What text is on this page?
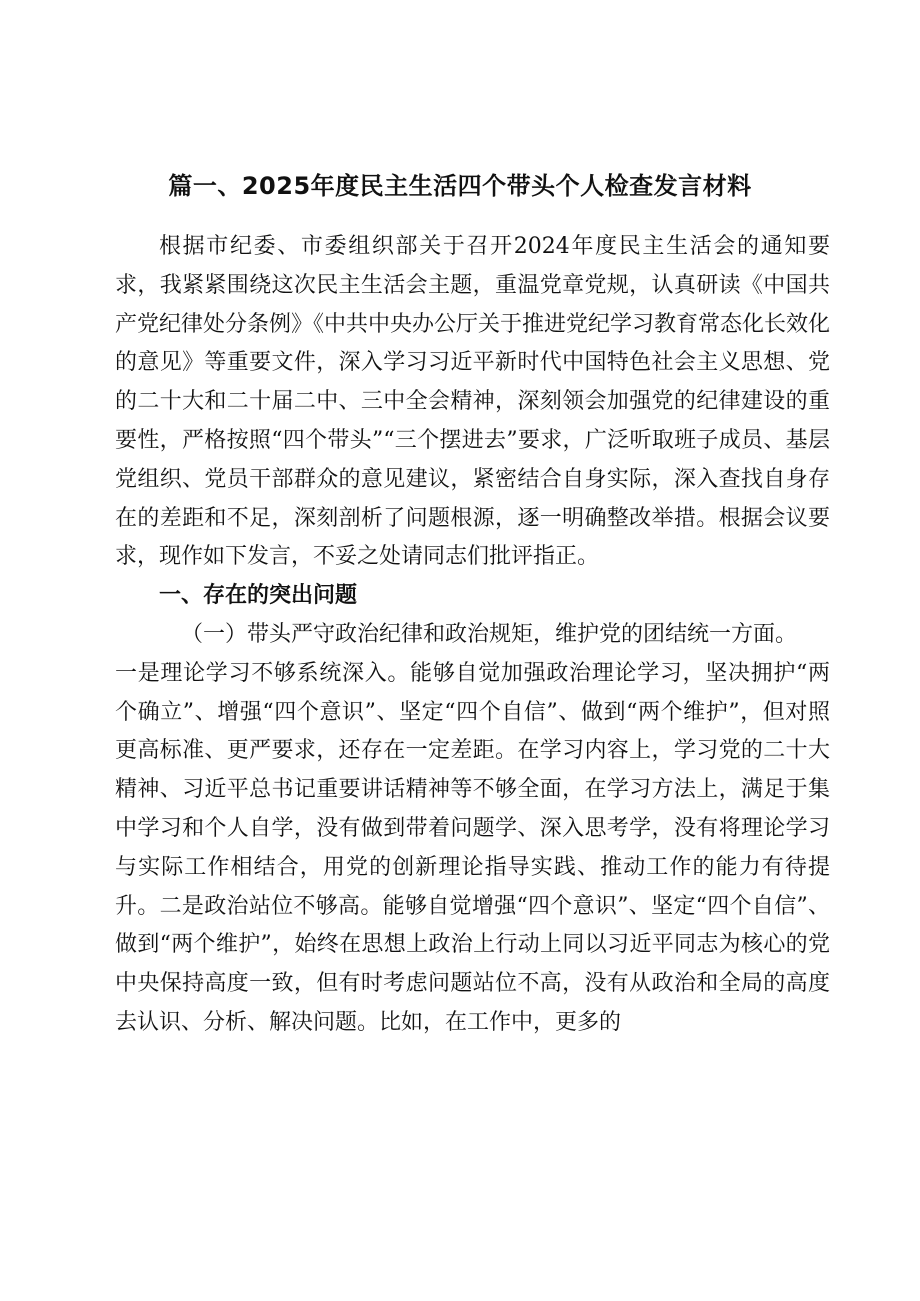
篇一、2025年度民主生活四个带头个人检查发言材料

根据市纪委、市委组织部关于召开2024年度民主生活会的通知要求，我紧紧围绕这次民主生活会主题，重温党章党规，认真研读《中国共产党纪律处分条例》《中共中央办公厅关于推进党纪学习教育常态化长效化的意见》等重要文件，深入学习习近平新时代中国特色社会主义思想、党的二十大和二十届二中、三中全会精神，深刻领会加强党的纪律建设的重要性，严格按照“四个带头”“三个摆进去”要求，广泛听取班子成员、基层党组织、党员干部群众的意见建议，紧密结合自身实际，深入查找自身存在的差距和不足，深刻剖析了问题根源，逐一明确整改举措。根据会议要求，现作如下发言，不妥之处请同志们批评指正。

一、存在的突出问题

（一）带头严守政治纪律和政治规矩，维护党的团结统一方面。

一是理论学习不够系统深入。能够自觉加强政治理论学习，坚决拥护“两个确立”、增强“四个意识”、坚定“四个自信”、做到“两个维护”，但对照更高标准、更严要求，还存在一定差距。在学习内容上，学习党的二十大精神、习近平总书记重要讲话精神等不够全面，在学习方法上，满足于集中学习和个人自学，没有做到带着问题学、深入思考学，没有将理论学习与实际工作相结合，用党的创新理论指导实践、推动工作的能力有待提升。二是政治站位不够高。能够自觉增强“四个意识”、坚定“四个自信”、做到“两个维护”，始终在思想上政治上行动上同以习近平同志为核心的党中央保持高度一致，但有时考虑问题站位不高，没有从政治和全局的高度去认识、分析、解决问题。比如，在工作中，更多的
